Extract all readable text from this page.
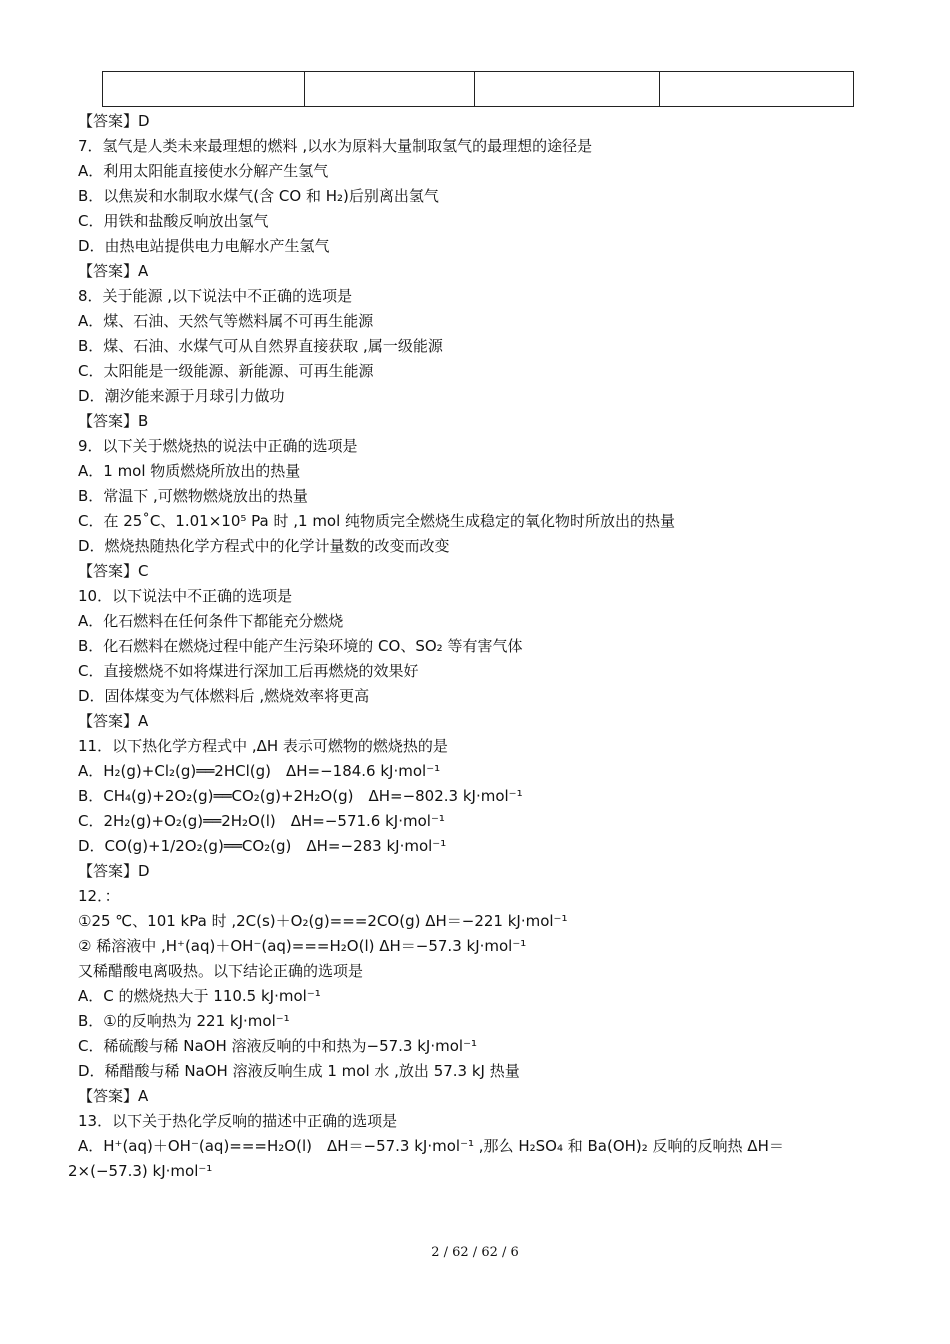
【答案】D
7．氢气是人类未来最理想的燃料 ,以水为原料大量制取氢气的最理想的途径是
A．利用太阳能直接使水分解产生氢气
B．以焦炭和水制取水煤气(含 CO 和 H₂)后别离出氢气
C．用铁和盐酸反响放出氢气
D．由热电站提供电力电解水产生氢气
【答案】A
8．关于能源 ,以下说法中不正确的选项是
A．煤、石油、天然气等燃料属不可再生能源
B．煤、石油、水煤气可从自然界直接获取 ,属一级能源
C．太阳能是一级能源、新能源、可再生能源
D．潮汐能来源于月球引力做功
【答案】B
9．以下关于燃烧热的说法中正确的选项是
A．1 mol 物质燃烧所放出的热量
B．常温下 ,可燃物燃烧放出的热量
C．在 25˚C、1.01×10⁵ Pa 时 ,1 mol 纯物质完全燃烧生成稳定的氧化物时所放出的热量
D．燃烧热随热化学方程式中的化学计量数的改变而改变
【答案】C
10．以下说法中不正确的选项是
A．化石燃料在任何条件下都能充分燃烧
B．化石燃料在燃烧过程中能产生污染环境的 CO、SO₂ 等有害气体
C．直接燃烧不如将煤进行深加工后再燃烧的效果好
D．固体煤变为气体燃料后 ,燃烧效率将更高
【答案】A
11．以下热化学方程式中 ,ΔH 表示可燃物的燃烧热的是
A．H₂(g)+Cl₂(g)══2HCl(g)　ΔH=−184.6 kJ·mol⁻¹
B．CH₄(g)+2O₂(g)══CO₂(g)+2H₂O(g)　ΔH=−802.3 kJ·mol⁻¹
C．2H₂(g)+O₂(g)══2H₂O(l)　ΔH=−571.6 kJ·mol⁻¹
D．CO(g)+1/2O₂(g)══CO₂(g)　ΔH=−283 kJ·mol⁻¹
【答案】D
12．：
①25 ℃、101 kPa 时 ,2C(s)＋O₂(g)===2CO(g) ΔH＝−221 kJ·mol⁻¹
② 稀溶液中 ,H⁺(aq)＋OH⁻(aq)===H₂O(l) ΔH＝−57.3 kJ·mol⁻¹
又稀醋酸电离吸热。以下结论正确的选项是
A．C 的燃烧热大于 110.5 kJ·mol⁻¹
B．①的反响热为 221 kJ·mol⁻¹
C．稀硫酸与稀 NaOH 溶液反响的中和热为−57.3 kJ·mol⁻¹
D．稀醋酸与稀 NaOH 溶液反响生成 1 mol 水 ,放出 57.3 kJ 热量
【答案】A
13．以下关于热化学反响的描述中正确的选项是
A．H⁺(aq)＋OH⁻(aq)===H₂O(l)　ΔH＝−57.3 kJ·mol⁻¹ ,那么 H₂SO₄ 和 Ba(OH)₂ 反响的反响热 ΔH＝
2×(−57.3) kJ·mol⁻¹
2 / 62 / 62 / 6
